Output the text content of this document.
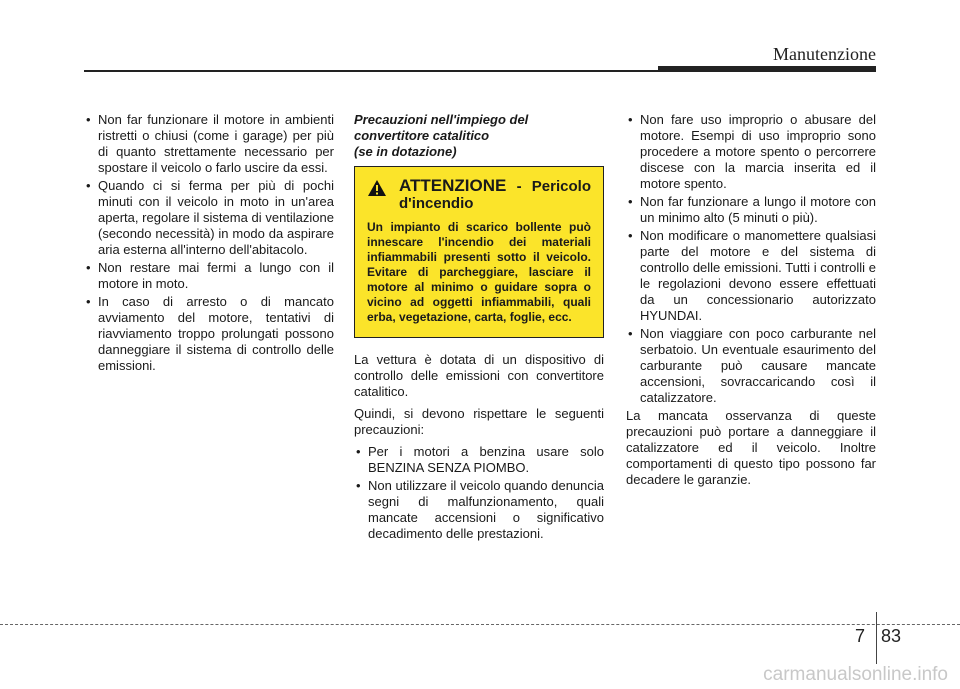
Manutenzione
• Non far funzionare il motore in ambienti ristretti o chiusi (come i garage) per più di quanto strettamente necessario per spostare il veicolo o farlo uscire da essi.
• Quando ci si ferma per più di pochi minuti con il veicolo in moto in un'area aperta, regolare il sistema di ventilazione (secondo necessità) in modo da aspirare aria esterna all'interno dell'abitacolo.
• Non restare mai fermi a lungo con il motore in moto.
• In caso di arresto o di mancato avviamento del motore, tentativi di riavviamento troppo prolungati possono danneggiare il sistema di controllo delle emissioni.
Precauzioni nell'impiego del
convertitore catalitico
(se in dotazione)
ATTENZIONE - Pericolo d'incendio
Un impianto di scarico bollente può innescare l'incendio dei materiali infiammabili presenti sotto il veicolo. Evitare di parcheggiare, lasciare il motore al minimo o guidare sopra o vicino ad oggetti infiammabili, quali erba, vegetazione, carta, foglie, ecc.

La vettura è dotata di un dispositivo di controllo delle emissioni con convertitore catalitico.

Quindi, si devono rispettare le seguenti precauzioni:

• Per i motori a benzina usare solo BENZINA SENZA PIOMBO.
• Non utilizzare il veicolo quando denuncia segni di malfunzionamento, quali mancate accensioni o significativo decadimento delle prestazioni.
• Non fare uso improprio o abusare del motore. Esempi di uso improprio sono procedere a motore spento o percorrere discese con la marcia inserita ed il motore spento.
• Non far funzionare a lungo il motore con un minimo alto (5 minuti o più).
• Non modificare o manomettere qualsiasi parte del motore e del sistema di controllo delle emissioni. Tutti i controlli e le regolazioni devono essere effettuati da un concessionario autorizzato HYUNDAI.
• Non viaggiare con poco carburante nel serbatoio. Un eventuale esaurimento del carburante può causare mancate accensioni, sovraccaricando così il catalizzatore.

La mancata osservanza di queste precauzioni può portare a danneggiare il catalizzatore ed il veicolo. Inoltre comportamenti di questo tipo possono far decadere le garanzie.

7 83
carmanualsonline.info
